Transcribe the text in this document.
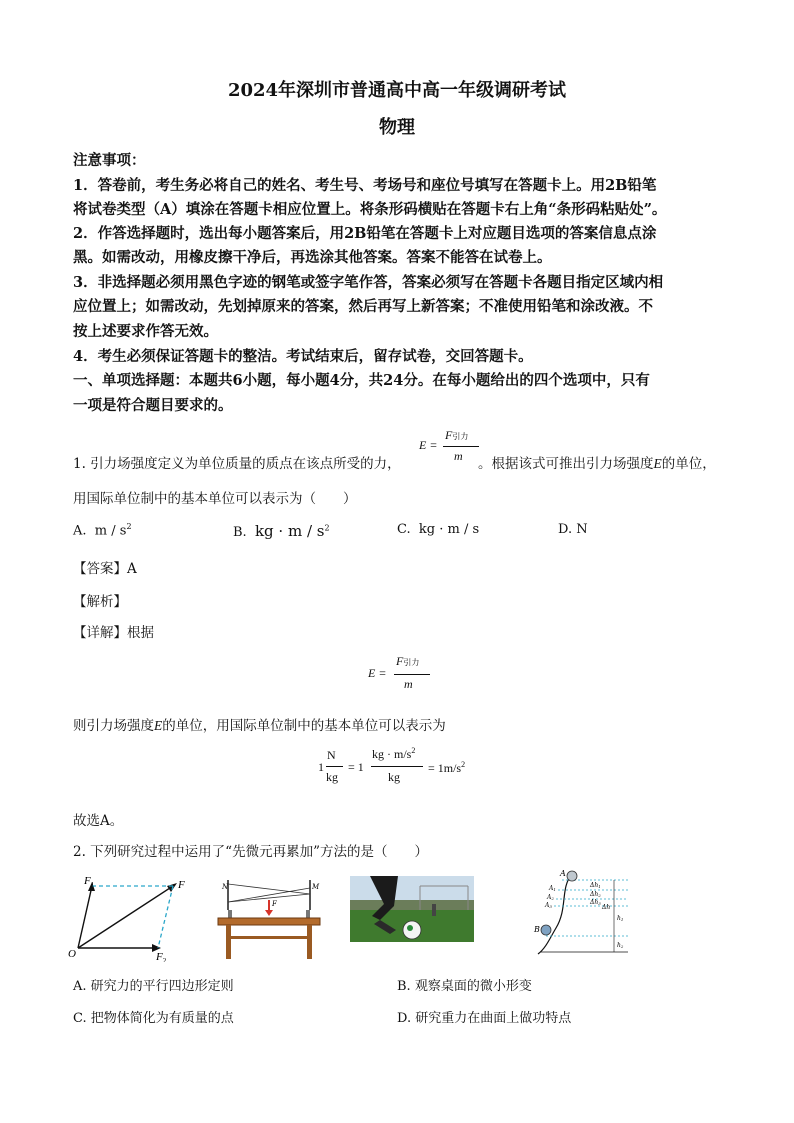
2024年深圳市普通高中高一年级调研考试
物理
注意事项：
1．答卷前，考生务必将自己的姓名、考生号、考场号和座位号填写在答题卡上。用2B铅笔
将试卷类型（A）填涂在答题卡相应位置上。将条形码横贴在答题卡右上角“条形码粘贴处”。
2．作答选择题时，选出每小题答案后，用2B铅笔在答题卡上对应题目选项的答案信息点涂
黑。如需改动，用橡皮擦干净后，再选涂其他答案。答案不能答在试卷上。
3．非选择题必须用黑色字迹的钢笔或签字笔作答，答案必须写在答题卡各题目指定区域内相
应位置上；如需改动，先划掉原来的答案，然后再写上新答案；不准使用铅笔和涂改液。不
按上述要求作答无效。
4．考生必须保证答题卡的整洁。考试结束后，留存试卷，交回答题卡。
一、单项选择题：本题共6小题，每小题4分，共24分。在每小题给出的四个选项中，只有
一项是符合题目要求的。
1. 引力场强度定义为单位质量的质点在该点所受的力，
E =
F引力
m 。根据该式可推出引力场强度E的单位，
用国际单位制中的基本单位可以表示为（　　）
A. m / $s^2$	B. kg · m / $s^2$	C. kg · m / s	D. N
【答案】A
【解析】
【详解】根据
E =
F引力
m
则引力场强度E的单位，用国际单位制中的基本单位可以表示为
1
N
kg
= 1
kg · $m/s^2$
kg
= $1m/s^2$
故选A。
2. 下列研究过程中运用了“先微元再累加”方法的是（　　）
$F_1$	F
O	$F_2$
N	M
F
A
B
A1
A2
A3
Δh1
Δh2
Δh3
Δh
h1
h2
A. 研究力的平行四边形定则	B. 观察桌面的微小形变
C. 把物体简化为有质量的点	D. 研究重力在曲面上做功特点
